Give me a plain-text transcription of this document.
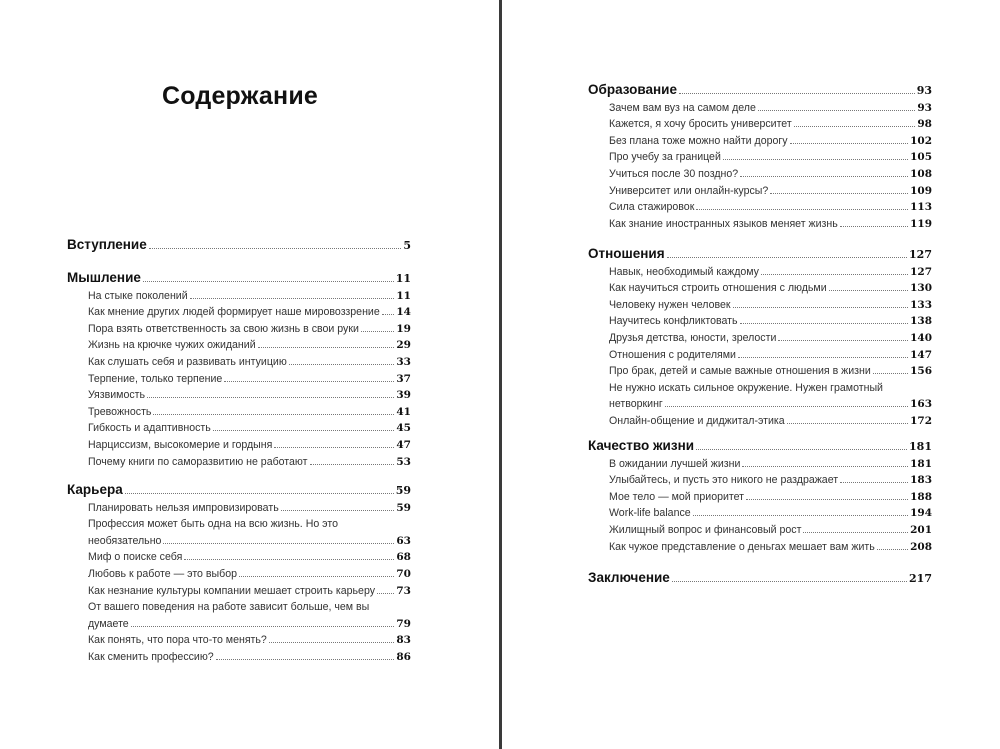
Содержание
Вступление	5
Мышление	11
На стыке поколений	11
Как мнение других людей формирует наше мировоззрение 14
Пора взять ответственность за свою жизнь в свои руки	19
Жизнь на крючке чужих ожиданий	29
Как слушать себя и развивать интуицию	33
Терпение, только терпение	37
Уязвимость	39
Тревожность	41
Гибкость и адаптивность	45
Нарциссизм, высокомерие и гордыня	47
Почему книги по саморазвитию не работают	53
Карьера	59
Планировать нельзя импровизировать	59
Профессия может быть одна на всю жизнь. Но это
необязательно	63
Миф о поиске себя	68
Любовь к работе — это выбор	70
Как незнание культуры компании мешает строить карьеру 73
От вашего поведения на работе зависит больше, чем вы
думаете	79
Как понять, что пора что-то менять?	83
Как сменить профессию?	86
Образование	93
Зачем вам вуз на самом деле	93
Кажется, я хочу бросить университет	98
Без плана тоже можно найти дорогу	102
Про учебу за границей	105
Учиться после 30 поздно?	108
Университет или онлайн-курсы?	109
Сила стажировок	113
Как знание иностранных языков меняет жизнь	119
Отношения	127
Навык, необходимый каждому	127
Как научиться строить отношения с людьми	130
Человеку нужен человек	133
Научитесь конфликтовать	138
Друзья детства, юности, зрелости	140
Отношения с родителями	147
Про брак, детей и самые важные отношения в жизни	156
Не нужно искать сильное окружение. Нужен грамотный
нетворкинг	163
Онлайн-общение и диджитал-этика	172
Качество жизни	181
В ожидании лучшей жизни	181
Улыбайтесь, и пусть это никого не раздражает	183
Мое тело — мой приоритет	188
Work-life balance	194
Жилищный вопрос и финансовый рост	201
Как чужое представление о деньгах мешает вам жить	208
Заключение	217
